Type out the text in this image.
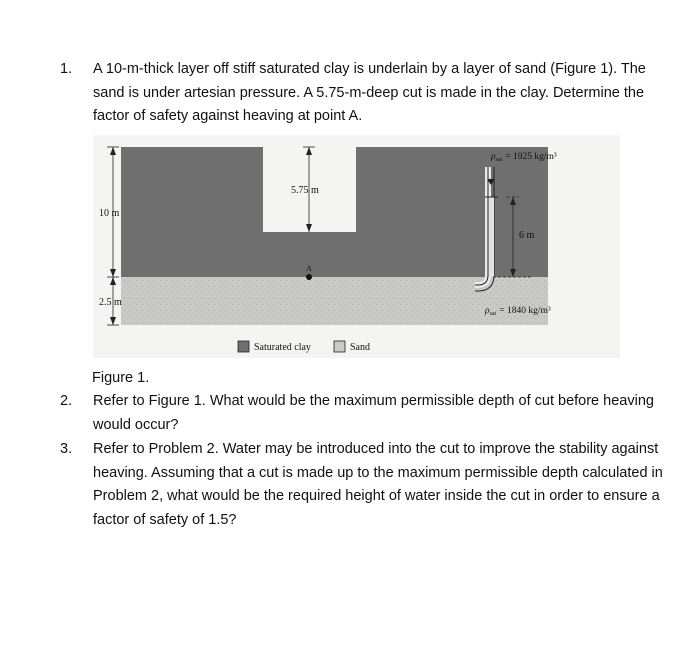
1. A 10-m-thick layer off stiff saturated clay is underlain by a layer of sand (Figure 1). The sand is under artesian pressure. A 5.75-m-deep cut is made in the clay. Determine the factor of safety against heaving at point A.
5.75 m
10 m
2.5 m
6 m
A
$\rho_{sat} = 1925$ kg/m³
$\rho_{sat} = 1840$ kg/m³
Saturated clay	Sand
Figure 1.
2. Refer to Figure 1. What would be the maximum permissible depth of cut before heaving would occur?
3. Refer to Problem 2. Water may be introduced into the cut to improve the stability against heaving. Assuming that a cut is made up to the maximum permissible depth calculated in Problem 2, what would be the required height of water inside the cut in order to ensure a factor of safety of 1.5?
